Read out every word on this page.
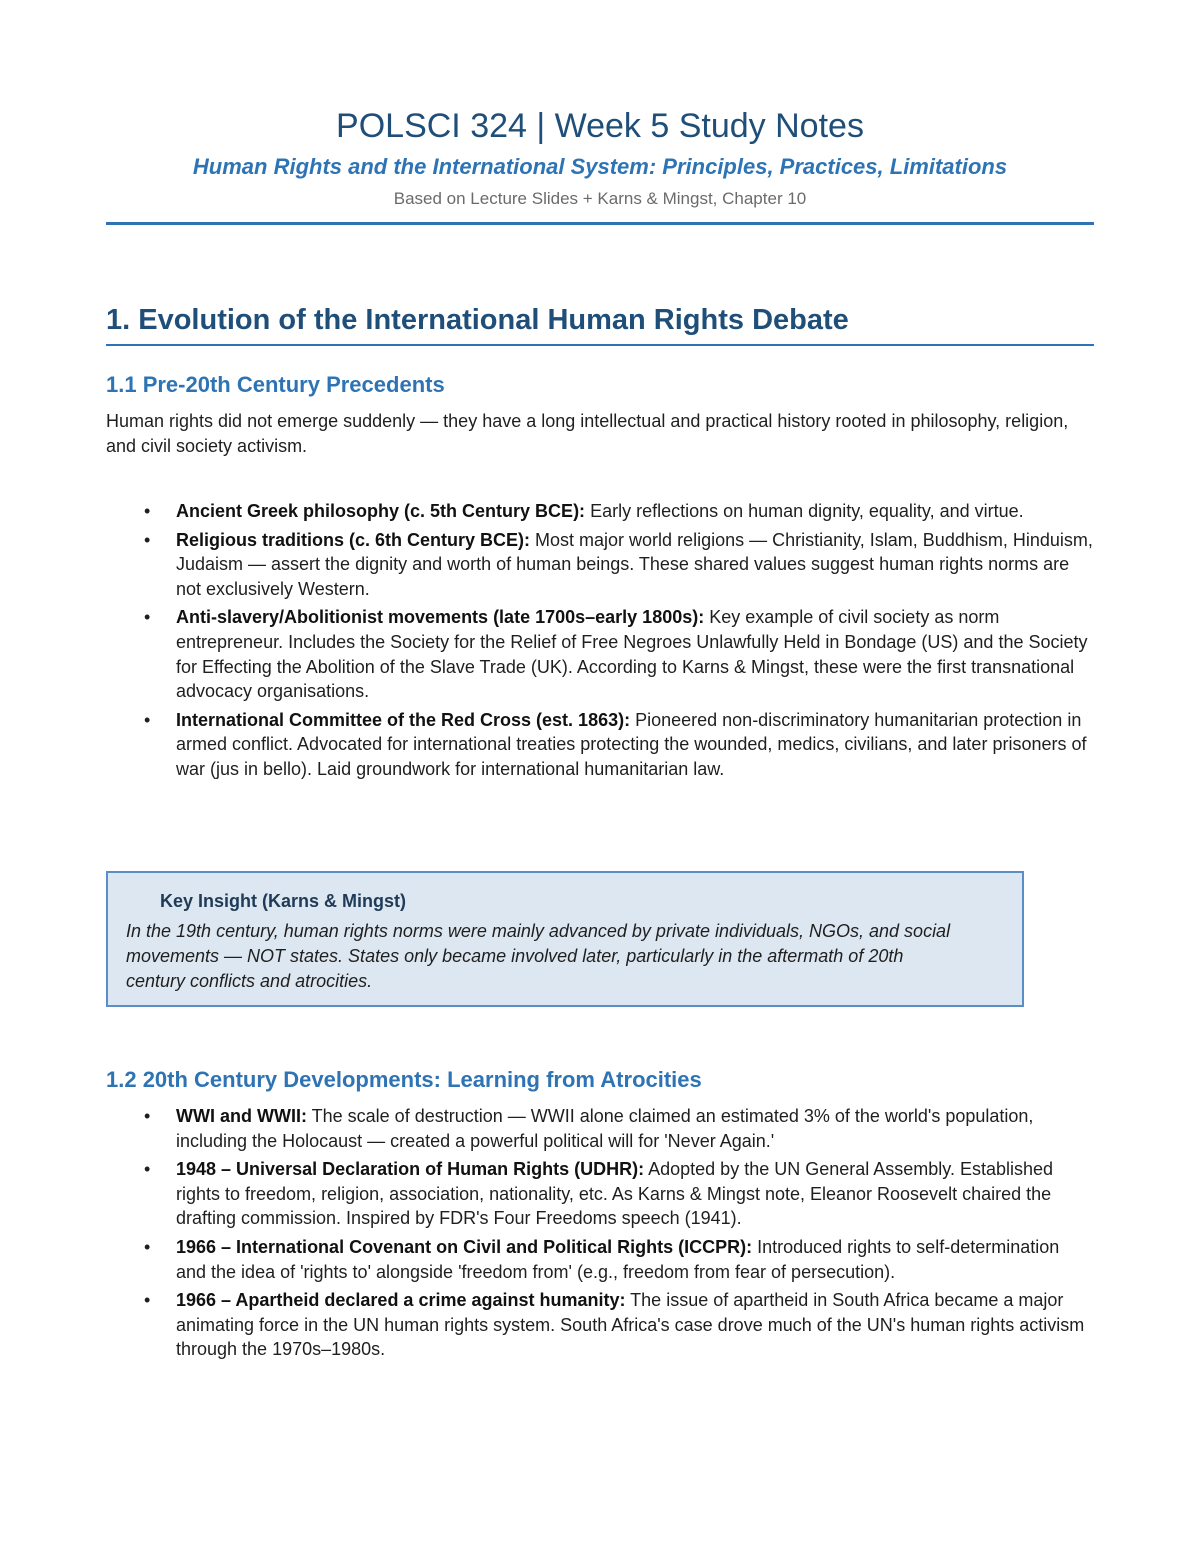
POLSCI 324 | Week 5 Study Notes
Human Rights and the International System: Principles, Practices, Limitations
Based on Lecture Slides + Karns & Mingst, Chapter 10
1. Evolution of the International Human Rights Debate
1.1 Pre-20th Century Precedents
Human rights did not emerge suddenly — they have a long intellectual and practical history rooted in philosophy, religion, and civil society activism.
• Ancient Greek philosophy (c. 5th Century BCE): Early reflections on human dignity, equality, and virtue.
• Religious traditions (c. 6th Century BCE): Most major world religions — Christianity, Islam, Buddhism, Hinduism, Judaism — assert the dignity and worth of human beings. These shared values suggest human rights norms are not exclusively Western.
• Anti-slavery/Abolitionist movements (late 1700s–early 1800s): Key example of civil society as norm entrepreneur. Includes the Society for the Relief of Free Negroes Unlawfully Held in Bondage (US) and the Society for Effecting the Abolition of the Slave Trade (UK). According to Karns & Mingst, these were the first transnational advocacy organisations.
• International Committee of the Red Cross (est. 1863): Pioneered non-discriminatory humanitarian protection in armed conflict. Advocated for international treaties protecting the wounded, medics, civilians, and later prisoners of war (jus in bello). Laid groundwork for international humanitarian law.
Key Insight (Karns & Mingst)
In the 19th century, human rights norms were mainly advanced by private individuals, NGOs, and social movements — NOT states. States only became involved later, particularly in the aftermath of 20th century conflicts and atrocities.
1.2 20th Century Developments: Learning from Atrocities
• WWI and WWII: The scale of destruction — WWII alone claimed an estimated 3% of the world's population, including the Holocaust — created a powerful political will for 'Never Again.'
• 1948 – Universal Declaration of Human Rights (UDHR): Adopted by the UN General Assembly. Established rights to freedom, religion, association, nationality, etc. As Karns & Mingst note, Eleanor Roosevelt chaired the drafting commission. Inspired by FDR's Four Freedoms speech (1941).
• 1966 – International Covenant on Civil and Political Rights (ICCPR): Introduced rights to self-determination and the idea of 'rights to' alongside 'freedom from' (e.g., freedom from fear of persecution).
• 1966 – Apartheid declared a crime against humanity: The issue of apartheid in South Africa became a major animating force in the UN human rights system. South Africa's case drove much of the UN's human rights activism through the 1970s–1980s.
